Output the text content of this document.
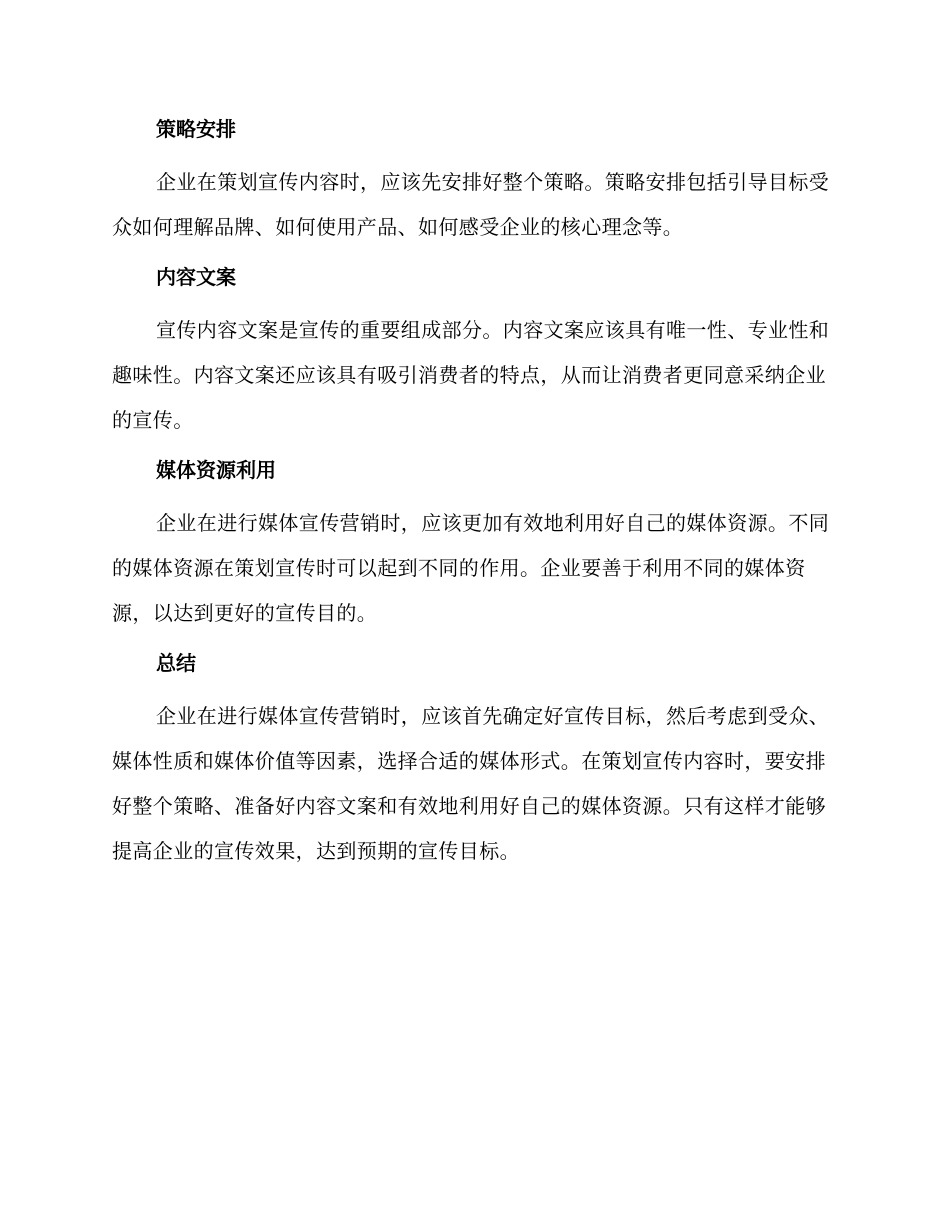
策略安排

企业在策划宣传内容时，应该先安排好整个策略。策略安排包括引导目标受众如何理解品牌、如何使用产品、如何感受企业的核心理念等。

内容文案

宣传内容文案是宣传的重要组成部分。内容文案应该具有唯一性、专业性和趣味性。内容文案还应该具有吸引消费者的特点，从而让消费者更同意采纳企业的宣传。

媒体资源利用

企业在进行媒体宣传营销时，应该更加有效地利用好自己的媒体资源。不同的媒体资源在策划宣传时可以起到不同的作用。企业要善于利用不同的媒体资源，以达到更好的宣传目的。

总结

企业在进行媒体宣传营销时，应该首先确定好宣传目标，然后考虑到受众、媒体性质和媒体价值等因素，选择合适的媒体形式。在策划宣传内容时，要安排好整个策略、准备好内容文案和有效地利用好自己的媒体资源。只有这样才能够提高企业的宣传效果，达到预期的宣传目标。
